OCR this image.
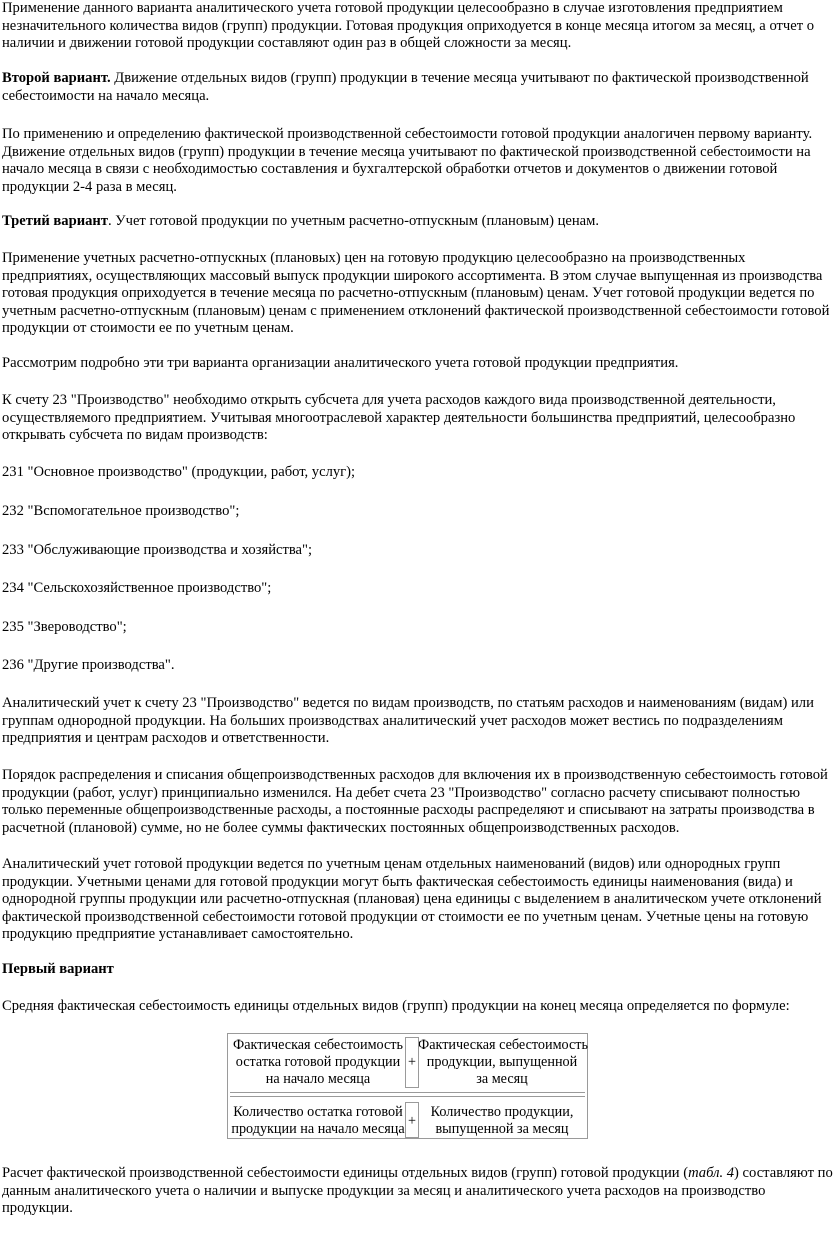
Применение данного варианта аналитического учета готовой продукции целесообразно в случае изготовления предприятием

незначительного количества видов (групп) продукции. Готовая продукция оприходуется в конце месяца итогом за месяц, а отчет о

наличии и движении готовой продукции составляют один раз в общей сложности за месяц.

Второй вариант. Движение отдельных видов (групп) продукции в течение месяца учитывают по фактической производственной

себестоимости на начало месяца.

По применению и определению фактической производственной себестоимости готовой продукции аналогичен первому варианту.

Движение отдельных видов (групп) продукции в течение месяца учитывают по фактической производственной себестоимости на

начало месяца в связи с необходимостью составления и бухгалтерской обработки отчетов и документов о движении готовой

продукции 2-4 раза в месяц.

Третий вариант. Учет готовой продукции по учетным расчетно-отпускным (плановым) ценам.

Применение учетных расчетно-отпускных (плановых) цен на готовую продукцию целесообразно на производственных

предприятиях, осуществляющих массовый выпуск продукции широкого ассортимента. В этом случае выпущенная из производства

готовая продукция оприходуется в течение месяца по расчетно-отпускным (плановым) ценам. Учет готовой продукции ведется по

учетным расчетно-отпускным (плановым) ценам с применением отклонений фактической производственной себестоимости готовой

продукции от стоимости ее по учетным ценам.

Рассмотрим подробно эти три варианта организации аналитического учета готовой продукции предприятия.

К счету 23 "Производство" необходимо открыть субсчета для учета расходов каждого вида производственной деятельности,

осуществляемого предприятием. Учитывая многоотраслевой характер деятельности большинства предприятий, целесообразно

открывать субсчета по видам производств:

231 "Основное производство" (продукции, работ, услуг);

232 "Вспомогательное производство";

233 "Обслуживающие производства и хозяйства";

234 "Сельскохозяйственное производство";

235 "Звероводство";

236 "Другие производства".

Аналитический учет к счету 23 "Производство" ведется по видам производств, по статьям расходов и наименованиям (видам) или

группам однородной продукции. На больших производствах аналитический учет расходов может вестись по подразделениям

предприятия и центрам расходов и ответственности.

Порядок распределения и списания общепроизводственных расходов для включения их в производственную себестоимость готовой

продукции (работ, услуг) принципиально изменился. На дебет счета 23 "Производство" согласно расчету списывают полностью

только переменные общепроизводственные расходы, а постоянные расходы распределяют и списывают на затраты производства в

расчетной (плановой) сумме, но не более суммы фактических постоянных общепроизводственных расходов.

Аналитический учет готовой продукции ведется по учетным ценам отдельных наименований (видов) или однородных групп

продукции. Учетными ценами для готовой продукции могут быть фактическая себестоимость единицы наименования (вида) и

однородной группы продукции или расчетно-отпускная (плановая) цена единицы с выделением в аналитическом учете отклонений

фактической производственной себестоимости готовой продукции от стоимости ее по учетным ценам. Учетные цены на готовую

продукцию предприятие устанавливает самостоятельно.

Первый вариант

Средняя фактическая себестоимость единицы отдельных видов (групп) продукции на конец месяца определяется по формуле:

Расчет фактической производственной себестоимости единицы отдельных видов (групп) готовой продукции (табл. 4) составляют по

данным аналитического учета о наличии и выпуске продукции за месяц и аналитического учета расходов на производство

продукции.

Фактическая себестоимость
остатка готовой продукции
на начало месяца
+
Фактическая себестоимость
продукции, выпущенной
за месяц
Количество остатка готовой
продукции на начало месяца +
Количество продукции,
выпущенной за месяц
